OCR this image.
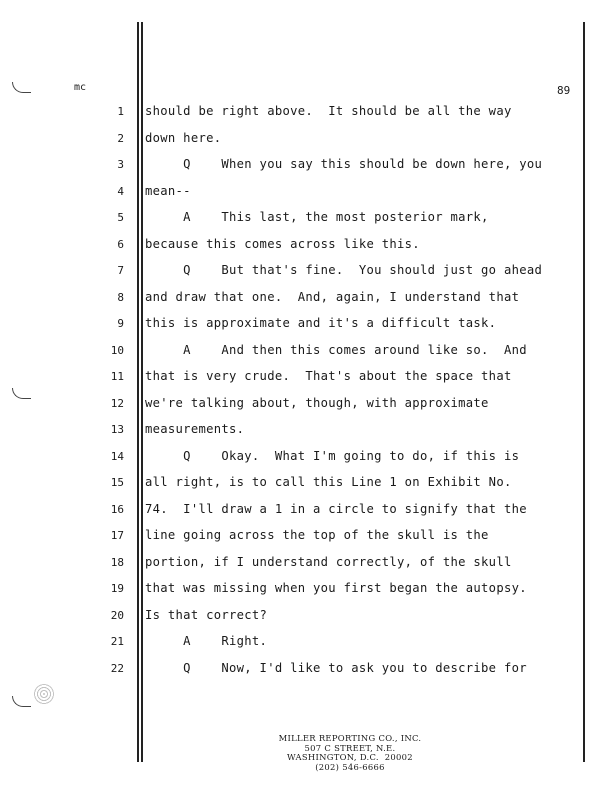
mc	89
1 should be right above.  It should be all the way
2 down here.
3 Q    When you say this should be down here, you
4 mean--
5 A    This last, the most posterior mark,
6 because this comes across like this.
7 Q    But that's fine.  You should just go ahead
8 and draw that one.  And, again, I understand that
9 this is approximate and it's a difficult task.
10 A    And then this comes around like so.  And
11 that is very crude.  That's about the space that
12 we're talking about, though, with approximate
13 measurements.
14 Q    Okay.  What I'm going to do, if this is
15 all right, is to call this Line 1 on Exhibit No.
16 74.  I'll draw a 1 in a circle to signify that the
17 line going across the top of the skull is the
18 portion, if I understand correctly, of the skull
19 that was missing when you first began the autopsy.
20 Is that correct?
21 A    Right.
22 Q    Now, I'd like to ask you to describe for
MILLER REPORTING CO., INC.
507 C STREET, N.E.
WASHINGTON, D.C.  20002
(202) 546-6666
